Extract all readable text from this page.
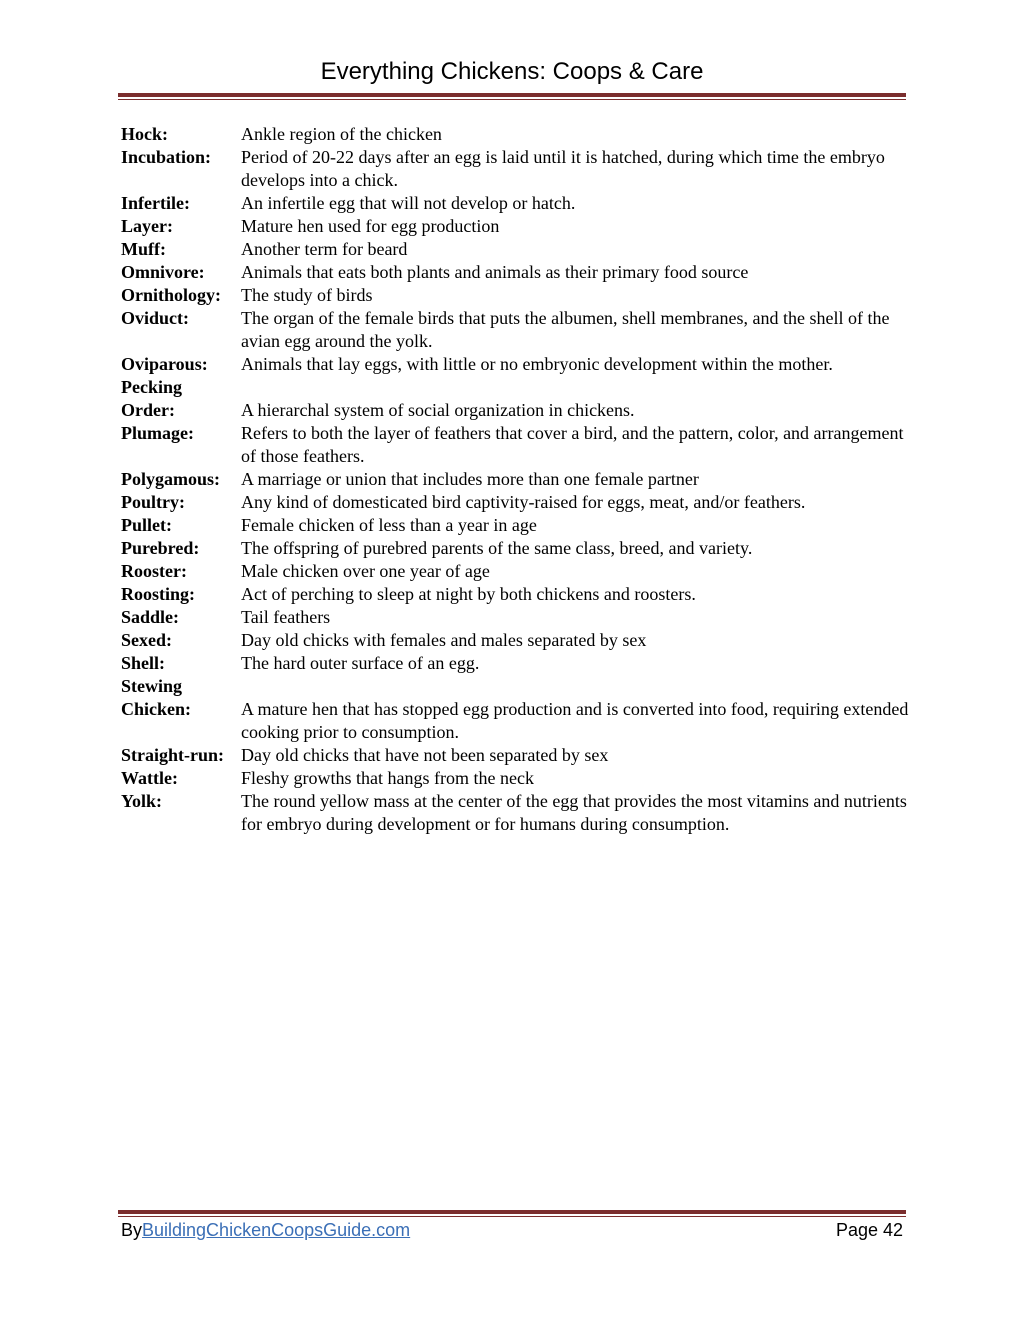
Everything Chickens: Coops & Care
Hock:	Ankle region of the chicken
Incubation:	Period of 20-22 days after an egg is laid until it is hatched, during which time the embryo develops into a chick.
Infertile:	An infertile egg that will not develop or hatch.
Layer:	Mature hen used for egg production
Muff:	Another term for beard
Omnivore:	Animals that eats both plants and animals as their primary food source
Ornithology:	The study of birds
Oviduct:	The organ of the female birds that puts the albumen, shell membranes, and the shell of the avian egg around the yolk.
Oviparous:	Animals that lay eggs, with little or no embryonic development within the mother.
Pecking
Order:	A hierarchal system of social organization in chickens.
Plumage:	Refers to both the layer of feathers that cover a bird, and the pattern, color, and arrangement of those feathers.
Polygamous:	A marriage or union that includes more than one female partner
Poultry:	Any kind of domesticated bird captivity-raised for eggs, meat, and/or feathers.
Pullet:	Female chicken of less than a year in age
Purebred:	The offspring of purebred parents of the same class, breed, and variety.
Rooster:	Male chicken over one year of age
Roosting:	Act of perching to sleep at night by both chickens and roosters.
Saddle:	Tail feathers
Sexed:	Day old chicks with females and males separated by sex
Shell:	The hard outer surface of an egg.
Stewing
Chicken:	A mature hen that has stopped egg production and is converted into food, requiring extended cooking prior to consumption.
Straight-run: Day old chicks that have not been separated by sex
Wattle:	Fleshy growths that hangs from the neck
Yolk:	The round yellow mass at the center of the egg that provides the most vitamins and nutrients for embryo during development or for humans during consumption.
ByBuildingChickenCoopsGuide.com	Page 42
